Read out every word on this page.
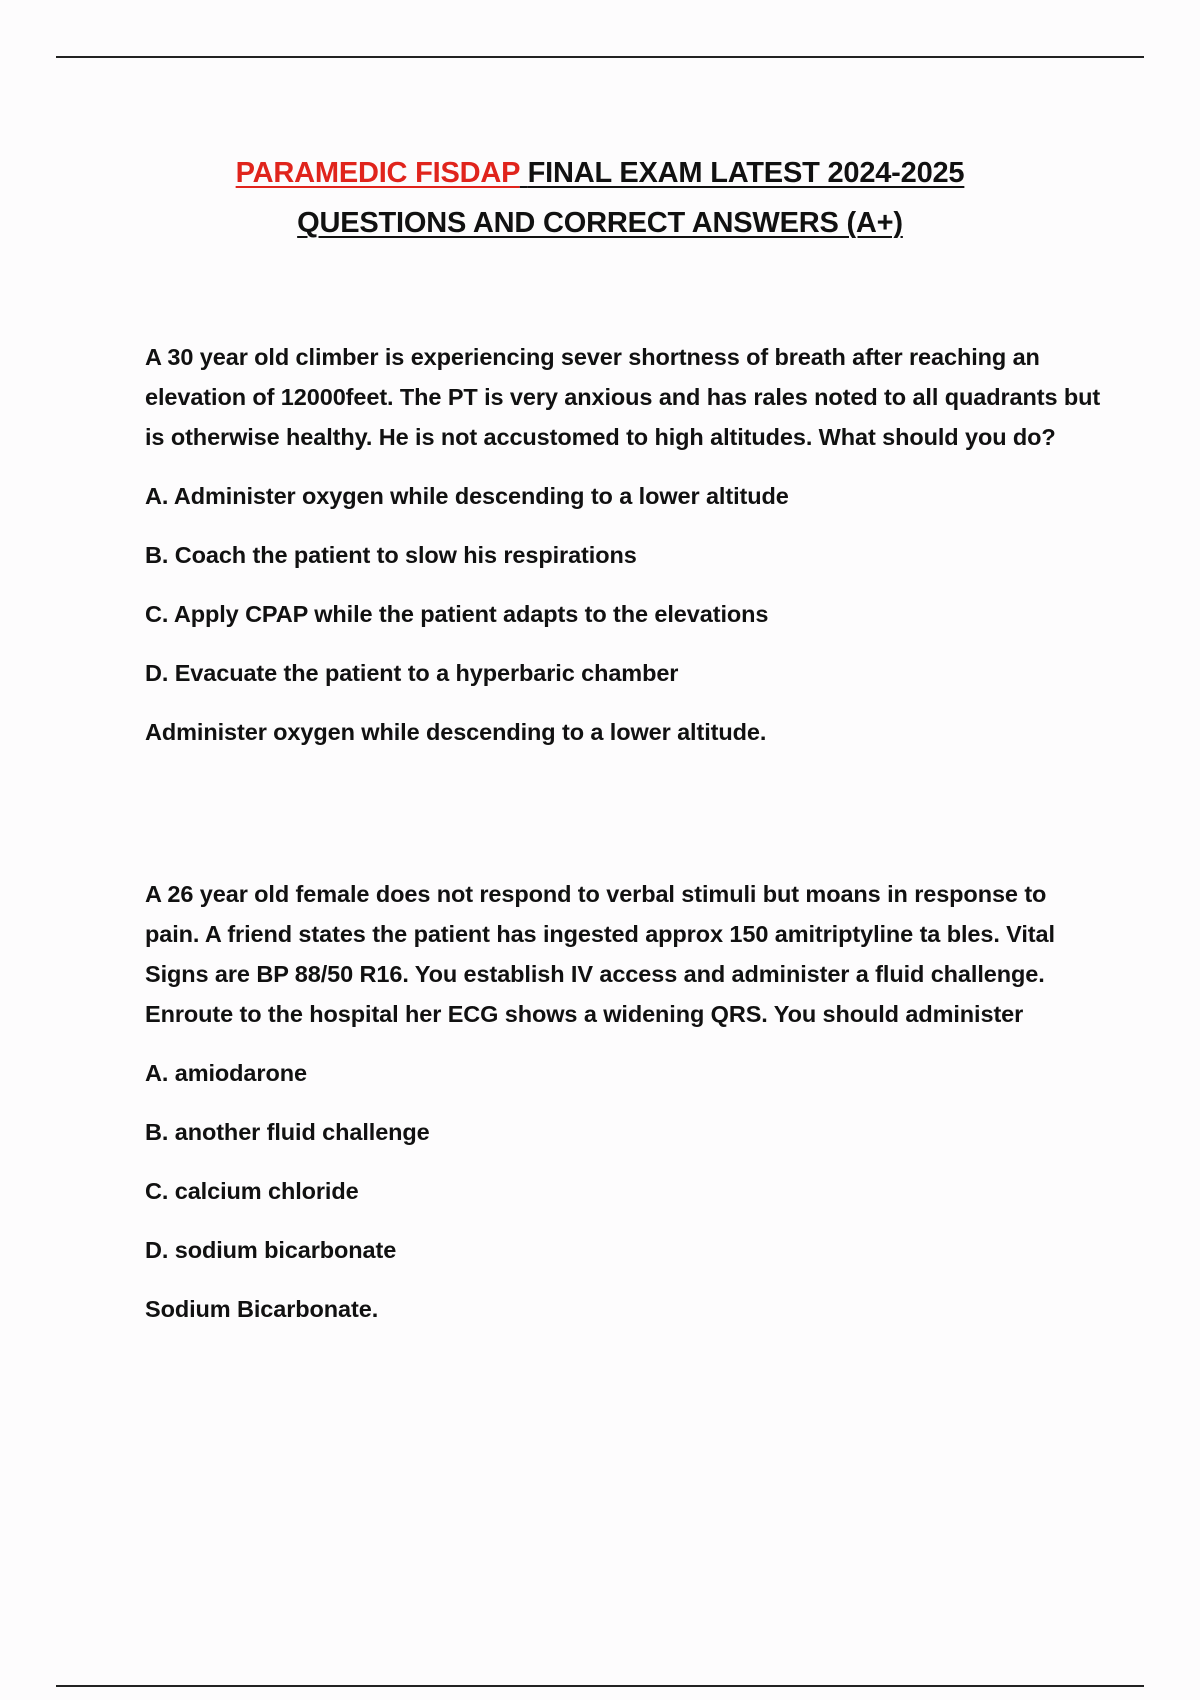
PARAMEDIC FISDAP FINAL EXAM LATEST 2024-2025
QUESTIONS AND CORRECT ANSWERS (A+)

A 30 year old climber is experiencing sever shortness of breath after reaching an elevation of 12000feet. The PT is very anxious and has rales noted to all quadrants but is otherwise healthy. He is not accustomed to high altitudes. What should you do?

A. Administer oxygen while descending to a lower altitude

B. Coach the patient to slow his respirations

C. Apply CPAP while the patient adapts to the elevations

D. Evacuate the patient to a hyperbaric chamber

Administer oxygen while descending to a lower altitude.

A 26 year old female does not respond to verbal stimuli but moans in response to pain. A friend states the patient has ingested approx 150 amitriptyline ta bles. Vital Signs are BP 88/50 R16. You establish IV access and administer a fluid challenge. Enroute to the hospital her ECG shows a widening QRS. You should administer

A. amiodarone

B. another fluid challenge

C. calcium chloride

D. sodium bicarbonate

Sodium Bicarbonate.
